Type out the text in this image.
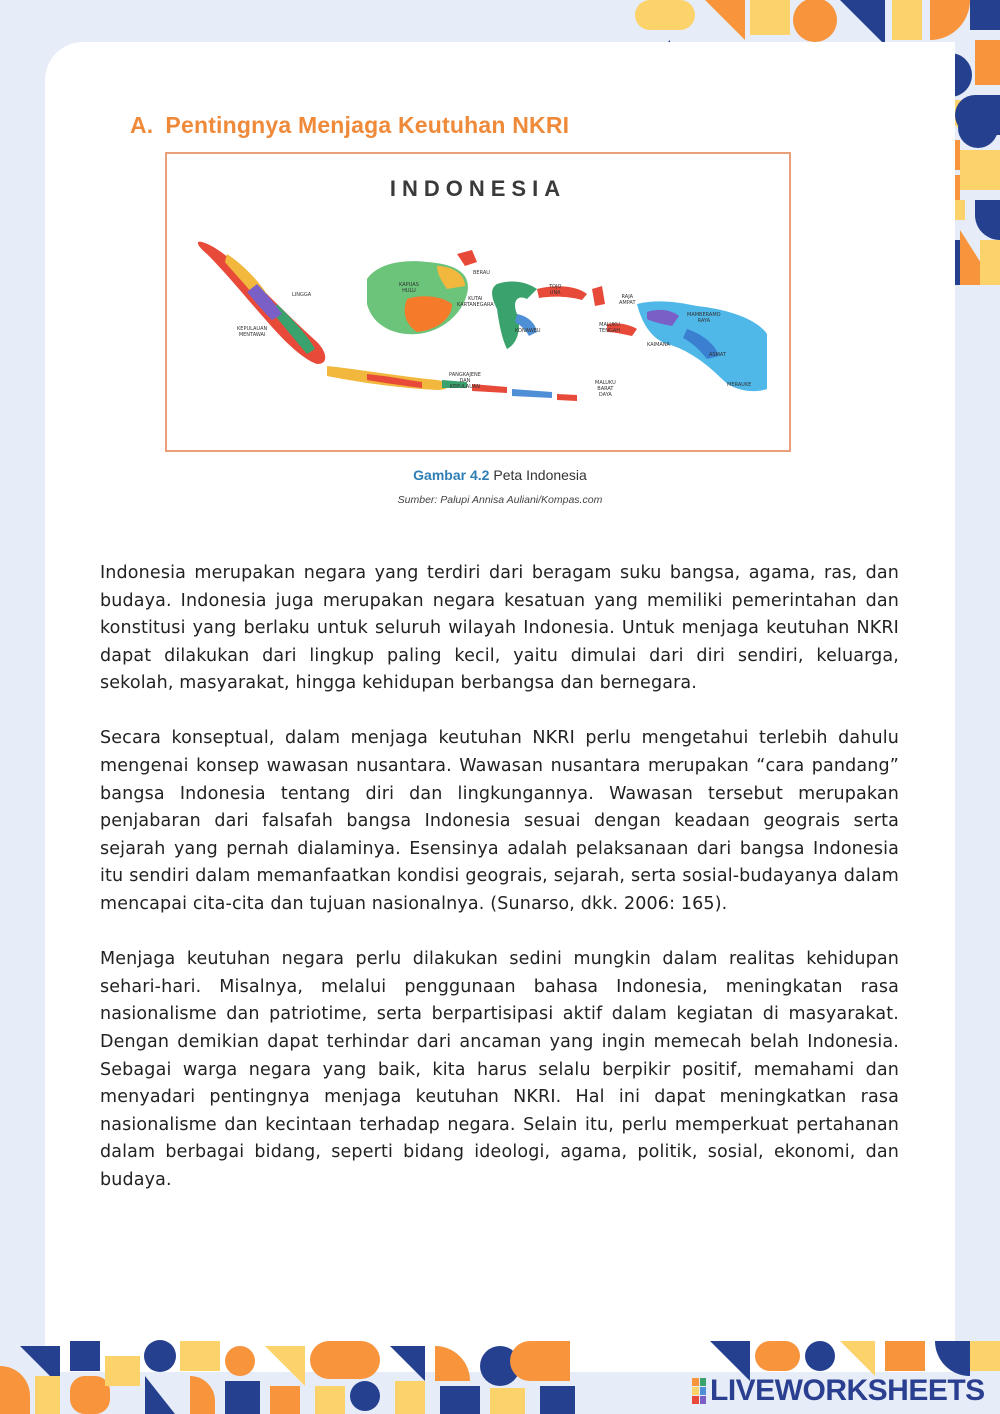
A. Pentingnya Menjaga Keutuhan NKRI
INDONESIA
LINGGA
KEPULAUAN
MENTAWAI
KAPUAS
HULU
BERAU
KUTAI
KARTANEGARA
TOJO
UNA
RAJA
AMPAT
MAMBERAMO
RAYA
KONAWEU
MALUKU
TENGAH
KAIMANA
ASMAT
MERAUKE
PANGKAJENE
DAN
KEPULAUAN
MALUKU
BARAT
DAYA
Gambar 4.2 Peta Indonesia
Sumber: Palupi Annisa Auliani/Kompas.com

Indonesia merupakan negara yang terdiri dari beragam suku bangsa, agama, ras, dan budaya. Indonesia juga merupakan negara kesatuan yang memiliki pemerintahan dan konstitusi yang berlaku untuk seluruh wilayah Indonesia. Untuk menjaga keutuhan NKRI dapat dilakukan dari lingkup paling kecil, yaitu dimulai dari diri sendiri, keluarga, sekolah, masyarakat, hingga kehidupan berbangsa dan bernegara.

Secara konseptual, dalam menjaga keutuhan NKRI perlu mengetahui terlebih dahulu mengenai konsep wawasan nusantara. Wawasan nusantara merupakan “cara pandang” bangsa Indonesia tentang diri dan lingkungannya. Wawasan tersebut merupakan penjabaran dari falsafah bangsa Indonesia sesuai dengan keadaan geograis serta sejarah yang pernah dialaminya. Esensinya adalah pelaksanaan dari bangsa Indonesia itu sendiri dalam memanfaatkan kondisi geograis, sejarah, serta sosial-budayanya dalam mencapai cita-cita dan tujuan nasionalnya. (Sunarso, dkk. 2006: 165).

Menjaga keutuhan negara perlu dilakukan sedini mungkin dalam realitas kehidupan sehari-hari. Misalnya, melalui penggunaan bahasa Indonesia, meningkatan rasa nasionalisme dan patriotime, serta berpartisipasi aktif dalam kegiatan di masyarakat. Dengan demikian dapat terhindar dari ancaman yang ingin memecah belah Indonesia. Sebagai warga negara yang baik, kita harus selalu berpikir positif, memahami dan menyadari pentingnya menjaga keutuhan NKRI. Hal ini dapat meningkatkan rasa nasionalisme dan kecintaan terhadap negara. Selain itu, perlu memperkuat pertahanan dalam berbagai bidang, seperti bidang ideologi, agama, politik, sosial, ekonomi, dan budaya.

LIVEWORKSHEETS
